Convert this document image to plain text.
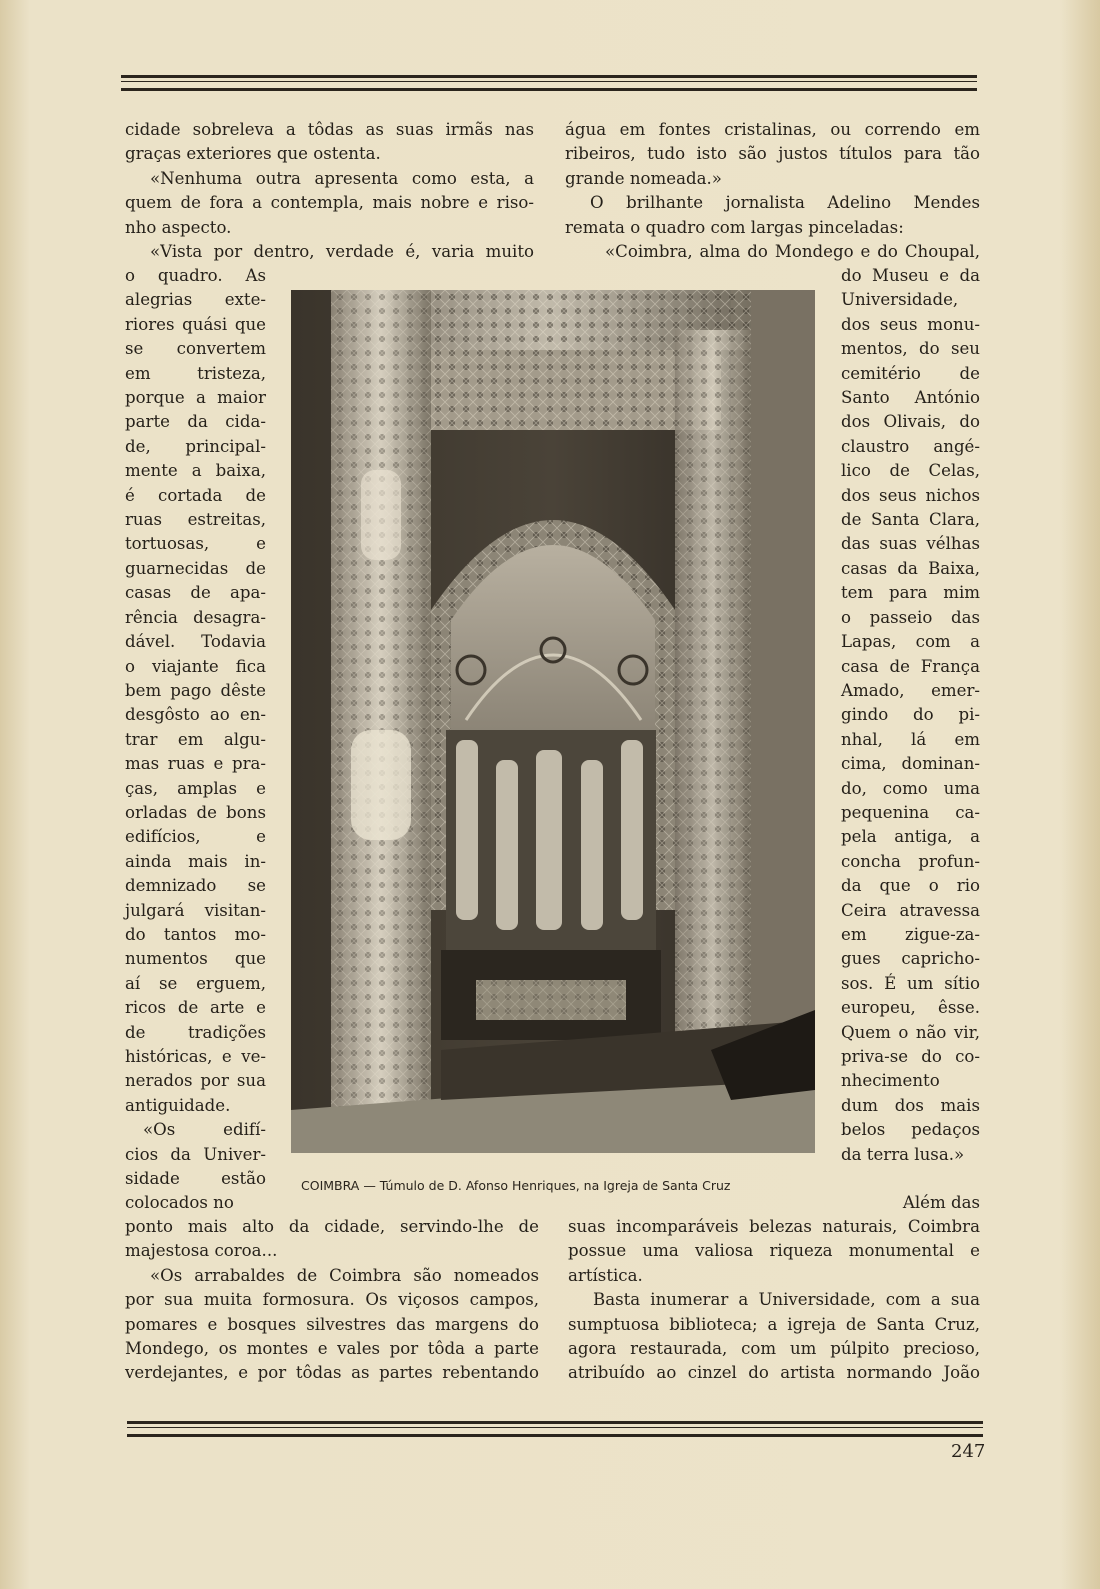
cidade sobreleva a tôdas as suas irmãs nas
graças exteriores que ostenta.
«Nenhuma outra apresenta como esta, a
quem de fora a contempla, mais nobre e riso-
nho aspecto.
«Vista por dentro, verdade é, varia muito
o quadro. As
alegrias exte-
riores quási que
se convertem
em tristeza,
porque a maior
parte da cida-
de, principal-
mente a baixa,
é cortada de
ruas estreitas,
tortuosas, e
guarnecidas de
casas de apa-
rência desagra-
dável. Todavia
o viajante fica
bem pago dêste
desgôsto ao en-
trar em algu-
mas ruas e pra-
ças, amplas e
orladas de bons
edifícios, e
ainda mais in-
demnizado se
julgará visitan-
do tantos mo-
numentos que
aí se erguem,
ricos de arte e
de tradições
históricas, e ve-
nerados por sua
antiguidade.
«Os edifí-
cios da Univer-
sidade estão
colocados no
ponto mais alto da cidade, servindo-lhe de
majestosa coroa...
«Os arrabaldes de Coimbra são nomeados
por sua muita formosura. Os viçosos campos,
pomares e bosques silvestres das margens do
Mondego, os montes e vales por tôda a parte
verdejantes, e por tôdas as partes rebentando
água em fontes cristalinas, ou correndo em
ribeiros, tudo isto são justos títulos para tão
grande nomeada.»
O brilhante jornalista Adelino Mendes
remata o quadro com largas pinceladas:
«Coimbra, alma do Mondego e do Choupal,
do Museu e da
Universidade,
dos seus monu-
mentos, do seu
cemitério de
Santo António
dos Olivais, do
claustro angé-
lico de Celas,
dos seus nichos
de Santa Clara,
das suas vélhas
casas da Baixa,
tem para mim
o passeio das
Lapas, com a
casa de França
Amado, emer-
gindo do pi-
nhal, lá em
cima, dominan-
do, como uma
pequenina ca-
pela antiga, a
concha profun-
da que o rio
Ceira atravessa
em zigue-za-
gues capricho-
sos. É um sítio
europeu, êsse.
Quem o não vir,
priva-se do co-
nhecimento
dum dos mais
belos pedaços
da terra lusa.»
Além das
suas incomparáveis belezas naturais, Coimbra
possue uma valiosa riqueza monumental e
artística.
Basta inumerar a Universidade, com a sua
sumptuosa biblioteca; a igreja de Santa Cruz,
agora restaurada, com um púlpito precioso,
atribuído ao cinzel do artista normando João
COIMBRA — Túmulo de D. Afonso Henriques, na Igreja de Santa Cruz
247
